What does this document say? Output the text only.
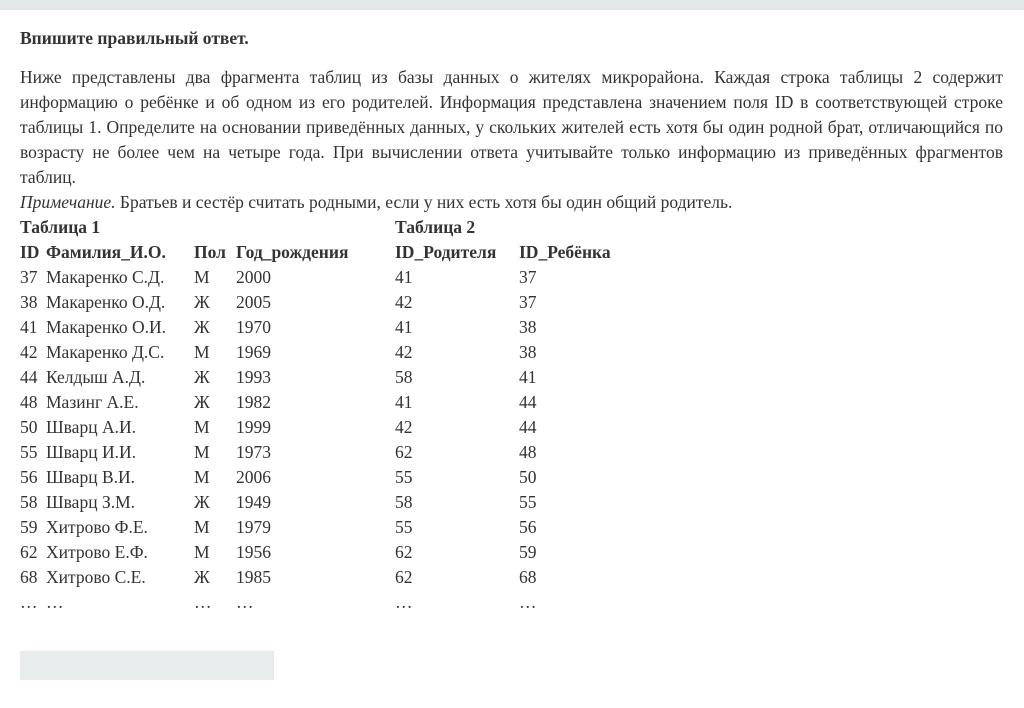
Впишите правильный ответ.

Ниже представлены два фрагмента таблиц из базы данных о жителях микрорайона. Каждая строка таблицы 2 содержит информацию о ребёнке и об одном из его родителей. Информация представлена значением поля ID в соответствующей строке таблицы 1. Определите на основании приведённых данных, у скольких жителей есть хотя бы один родной брат, отличающийся по возрасту не более чем на четыре года. При вычислении ответа учитывайте только информацию из приведённых фрагментов таблиц.

Примечание. Братьев и сестёр считать родными, если у них есть хотя бы один общий родитель.
Таблица 1	Таблица 2
ID Фамилия_И.О. Пол Год_рождения	ID_Родителя ID_Ребёнка
37 Макаренко С.Д. М 2000	41	37
38 Макаренко О.Д. Ж 2005	42	37
41 Макаренко О.И. Ж 1970	41	38
42 Макаренко Д.С. М 1969	42	38
44 Келдыш А.Д.	Ж 1993	58	41
48 Мазинг А.Е.	Ж 1982	41	44
50 Шварц А.И.	М 1999	42	44
55 Шварц И.И.	М 1973	62	48
56 Шварц В.И.	М 2006	55	50
58 Шварц З.М.	Ж 1949	58	55
59 Хитрово Ф.Е.	М 1979	55	56
62 Хитрово Е.Ф.	М 1956	62	59
68 Хитрово С.Е.	Ж 1985	62	68
… …	… …	…	…
